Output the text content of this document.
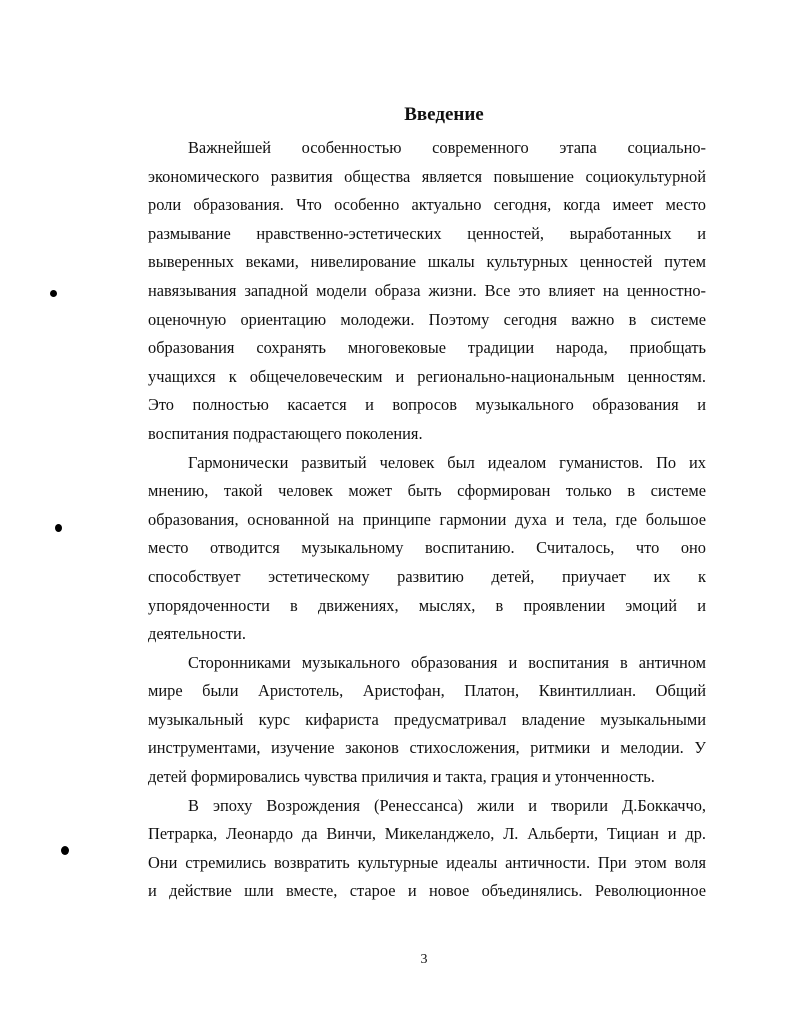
Введение
Важнейшей особенностью современного этапа социально-
экономического развития общества является повышение социокультурной
роли образования. Что особенно актуально сегодня, когда имеет место
размывание нравственно-эстетических ценностей, выработанных и
выверенных веками, нивелирование шкалы культурных ценностей путем
навязывания западной модели образа жизни. Все это влияет на ценностно-
оценочную ориентацию молодежи. Поэтому сегодня важно в системе
образования сохранять многовековые традиции народа, приобщать
учащихся к общечеловеческим и регионально-национальным ценностям.
Это полностью касается и вопросов музыкального образования и
воспитания подрастающего поколения.
Гармонически развитый человек был идеалом гуманистов. По их
мнению, такой человек может быть сформирован только в системе
образования, основанной на принципе гармонии духа и тела, где большое
место отводится музыкальному воспитанию. Считалось, что оно
способствует эстетическому развитию детей, приучает их к
упорядоченности в движениях, мыслях, в проявлении эмоций и
деятельности.
Сторонниками музыкального образования и воспитания в античном
мире были Аристотель, Аристофан, Платон, Квинтиллиан. Общий
музыкальный курс кифариста предусматривал владение музыкальными
инструментами, изучение законов стихосложения, ритмики и мелодии. У
детей формировались чувства приличия и такта, грация и утонченность.
В эпоху Возрождения (Ренессанса) жили и творили Д.Боккаччо,
Петрарка, Леонардо да Винчи, Микеланджело, Л. Альберти, Тициан и др.
Они стремились возвратить культурные идеалы античности. При этом воля
и действие шли вместе, старое и новое объединялись. Революционное
3
